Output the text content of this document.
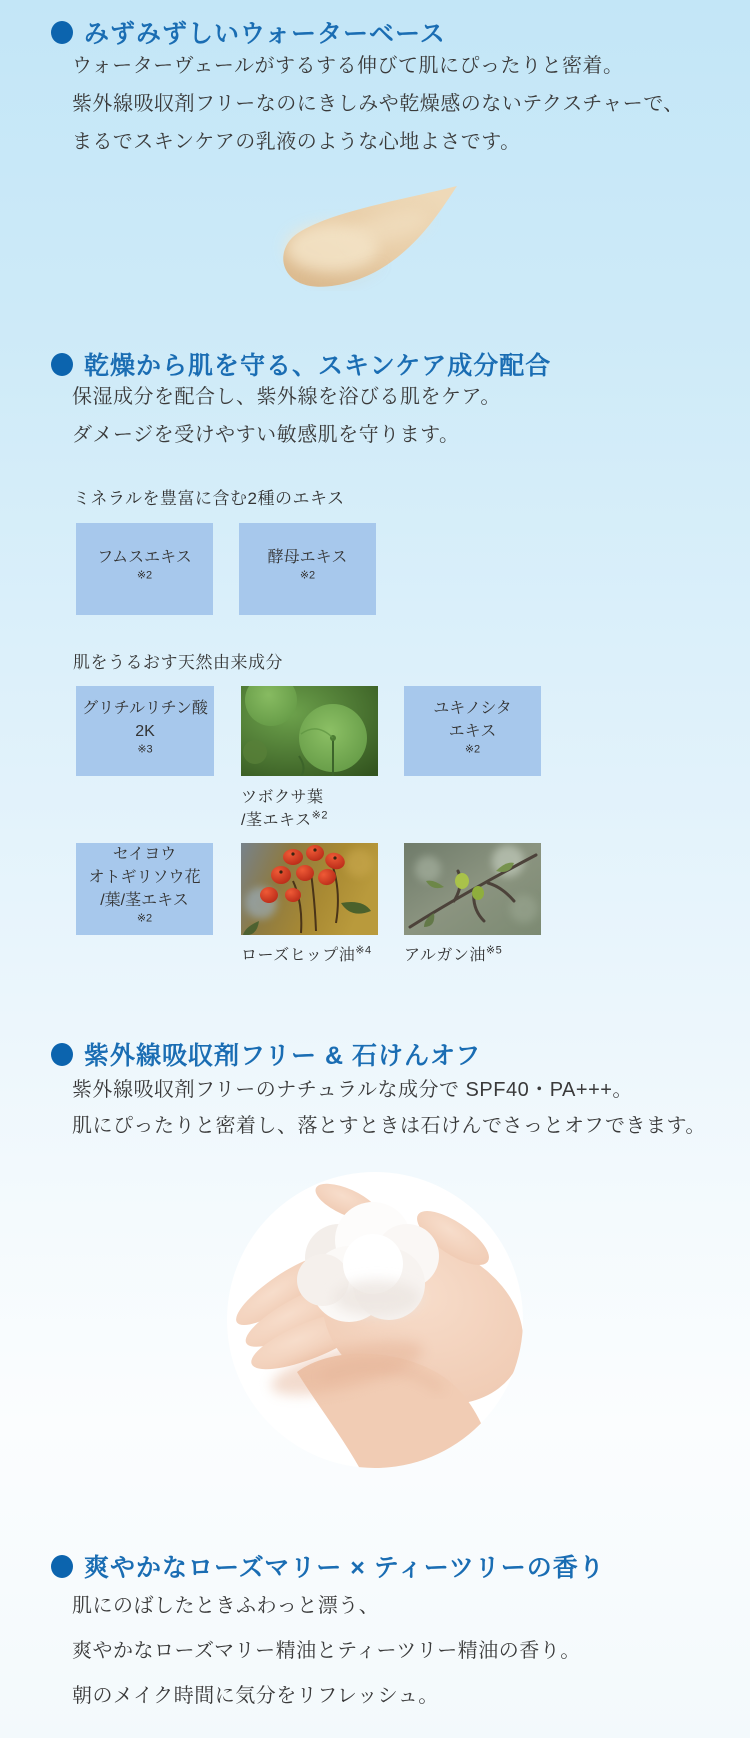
みずみずしいウォーターベース
ウォーターヴェールがするする伸びて肌にぴったりと密着。
紫外線吸収剤フリーなのにきしみや乾燥感のないテクスチャーで、
まるでスキンケアの乳液のような心地よさです。
乾燥から肌を守る、スキンケア成分配合
保湿成分を配合し、紫外線を浴びる肌をケア。
ダメージを受けやすい敏感肌を守ります。
ミネラルを豊富に含む2種のエキス
フムスエキス
$^{※2}$
酵母エキス
$^{※2}$
肌をうるおす天然由来成分
グリチルリチン酸
2K
$^{※3}$
ユキノシタ
エキス
$^{※2}$
ツボクサ葉
/茎エキス$^{※2}$
セイヨウ
オトギリソウ花
/葉/茎エキス
$^{※2}$
ローズヒップ油$^{※4}$ アルガン油$^{※5}$
紫外線吸収剤フリー & 石けんオフ
紫外線吸収剤フリーのナチュラルな成分で SPF40・PA+++。
肌にぴったりと密着し、落とすときは石けんでさっとオフできます。
爽やかなローズマリー × ティーツリーの香り
肌にのばしたときふわっと漂う、
爽やかなローズマリー精油とティーツリー精油の香り。
朝のメイク時間に気分をリフレッシュ。
